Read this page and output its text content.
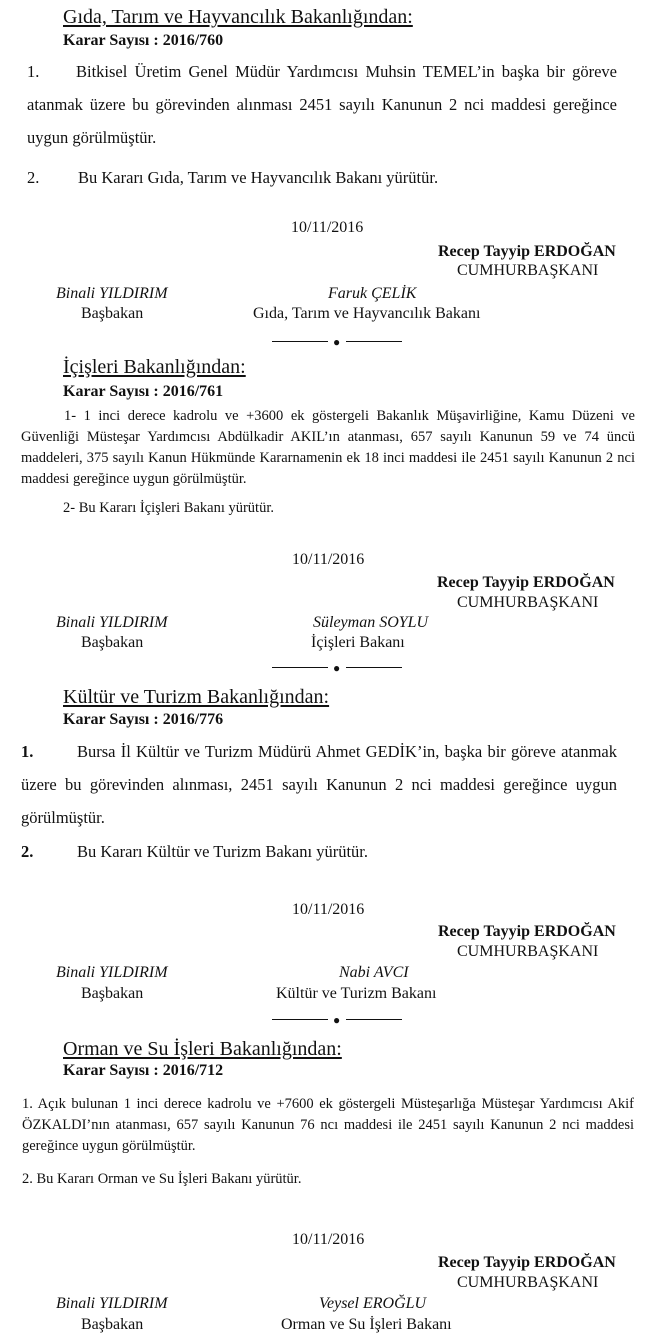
Gıda, Tarım ve Hayvancılık Bakanlığından:
Karar Sayısı : 2016/760
1. Bitkisel Üretim Genel Müdür Yardımcısı Muhsin TEMEL’in başka bir göreve atanmak üzere bu görevinden alınması 2451 sayılı Kanunun 2 nci maddesi gereğince uygun görülmüştür.
2. Bu Kararı Gıda, Tarım ve Hayvancılık Bakanı yürütür.
10/11/2016
Recep Tayyip ERDOĞAN
CUMHURBAŞKANI
Binali YILDIRIM
Başbakan
Faruk ÇELİK
Gıda, Tarım ve Hayvancılık Bakanı
●
İçişleri Bakanlığından:
Karar Sayısı : 2016/761
1- 1 inci derece kadrolu ve +3600 ek göstergeli Bakanlık Müşavirliğine, Kamu Düzeni ve Güvenliği Müsteşar Yardımcısı Abdülkadir AKIL’ın atanması, 657 sayılı Kanunun 59 ve 74 üncü maddeleri, 375 sayılı Kanun Hükmünde Kararnamenin ek 18 inci maddesi ile 2451 sayılı Kanunun 2 nci maddesi gereğince uygun görülmüştür.
2- Bu Kararı İçişleri Bakanı yürütür.
10/11/2016
Recep Tayyip ERDOĞAN
CUMHURBAŞKANI
Binali YILDIRIM
Başbakan
Süleyman SOYLU
İçişleri Bakanı
●
Kültür ve Turizm Bakanlığından:
Karar Sayısı : 2016/776
1.	Bursa İl Kültür ve Turizm Müdürü Ahmet GEDİK’in, başka bir göreve atanmak üzere bu görevinden alınması, 2451 sayılı Kanunun 2 nci maddesi gereğince uygun görülmüştür.
2.	Bu Kararı Kültür ve Turizm Bakanı yürütür.
10/11/2016
Recep Tayyip ERDOĞAN
CUMHURBAŞKANI
Binali YILDIRIM
Başbakan
Nabi AVCI
Kültür ve Turizm Bakanı
●
Orman ve Su İşleri Bakanlığından:
Karar Sayısı : 2016/712
1. Açık bulunan 1 inci derece kadrolu ve +7600 ek göstergeli Müsteşarlığa Müsteşar Yardımcısı Akif ÖZKALDI’nın atanması, 657 sayılı Kanunun 76 ncı maddesi ile 2451 sayılı Kanunun 2 nci maddesi gereğince uygun görülmüştür.
2. Bu Kararı Orman ve Su İşleri Bakanı yürütür.
10/11/2016
Recep Tayyip ERDOĞAN
CUMHURBAŞKANI
Binali YILDIRIM
Başbakan
Veysel EROĞLU
Orman ve Su İşleri Bakanı
